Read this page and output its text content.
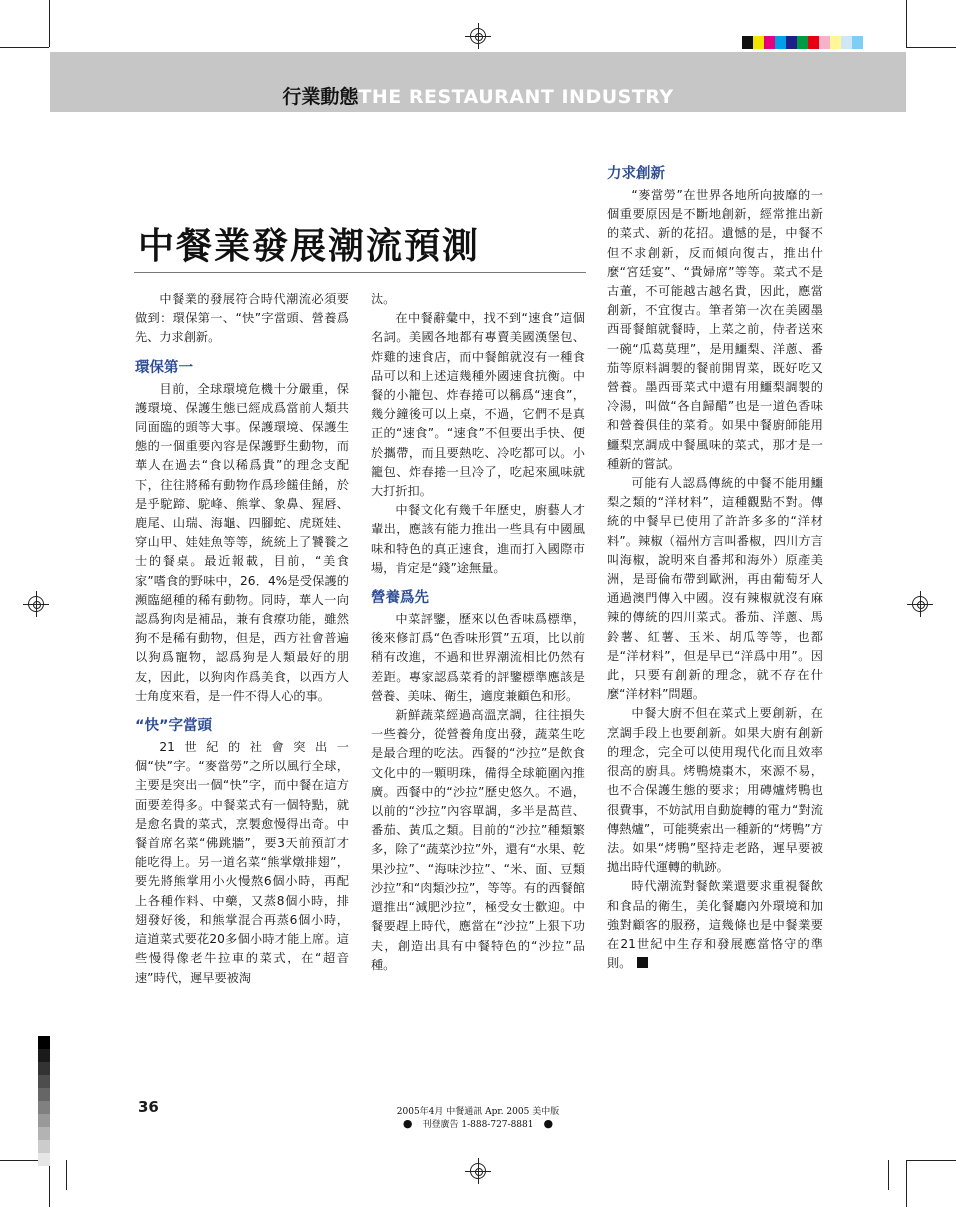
行業動態THE RESTAURANT INDUSTRY
中餐業發展潮流預測

中餐業的發展符合時代潮流必須要做到：環保第一、“快”字當頭、營養爲先、力求創新。

環保第一

目前，全球環境危機十分嚴重，保護環境、保護生態已經成爲當前人類共同面臨的頭等大事。保護環境、保護生態的一個重要內容是保護野生動物，而華人在過去“食以稀爲貴”的理念支配下，往往將稀有動物作爲珍饈佳餚，於是乎駝蹄、駝峰、熊掌、象鼻、猩唇、鹿尾、山瑞、海龜、四腳蛇、虎斑娃、穿山甲、娃娃魚等等，統統上了饕餮之士的餐桌。最近報載，目前，“美食家”嗜食的野味中，26．4%是受保護的瀕臨絕種的稀有動物。同時，華人一向認爲狗肉是補品，兼有食療功能，雖然狗不是稀有動物，但是，西方社會普遍以狗爲寵物，認爲狗是人類最好的朋友，因此，以狗肉作爲美食，以西方人士角度來看，是一件不得人心的事。

“快”字當頭

21世紀的社會突出一個“快”字。“麥當勞”之所以風行全球，主要是突出一個“快”字，而中餐在這方面要差得多。中餐菜式有一個特點，就是愈名貴的菜式，烹製愈慢得出奇。中餐首席名菜“佛跳牆”，要3天前預訂才能吃得上。另一道名菜“熊掌燉排翅”，要先將熊掌用小火慢熬6個小時，再配上各種作料、中藥，又蒸8個小時，排翅發好後，和熊掌混合再蒸6個小時，這道菜式要花20多個小時才能上席。這些慢得像老牛拉車的菜式，在“超音速”時代，遲早要被淘

汰。

在中餐辭彙中，找不到“速食”這個名詞。美國各地都有專賣美國漢堡包、炸雞的速食店，而中餐館就沒有一種食品可以和上述這幾種外國速食抗衡。中餐的小籠包、炸春捲可以稱爲“速食”，幾分鐘後可以上桌，不過，它們不是真正的“速食”。“速食”不但要出手快、便於攜帶，而且要熱吃、冷吃都可以。小籠包、炸春捲一旦冷了，吃起來風味就大打折扣。

中餐文化有幾千年歷史，廚藝人才輩出，應該有能力推出一些具有中國風味和特色的真正速食，進而打入國際市場，肯定是“錢”途無量。

營養爲先

中菜評鑒，歷來以色香味爲標準，後來修訂爲“色香味形質”五項，比以前稍有改進，不過和世界潮流相比仍然有差距。專家認爲菜肴的評鑒標準應該是營養、美味、衛生，適度兼顧色和形。

新鮮蔬菜經過高溫烹調，往往損失一些養分，從營養角度出發，蔬菜生吃是最合理的吃法。西餐的“沙拉”是飲食文化中的一顆明珠，備得全球範圍內推廣。西餐中的“沙拉”歷史悠久。不過，以前的“沙拉”內容單調，多半是萵苣、番茄、黃瓜之類。目前的“沙拉”種類繁多，除了“蔬菜沙拉”外，還有“水果、乾果沙拉”、“海味沙拉”、“米、面、豆類沙拉”和“肉類沙拉”，等等。有的西餐館還推出“減肥沙拉”，極受女士歡迎。中餐要趕上時代，應當在“沙拉”上狠下功夫，創造出具有中餐特色的“沙拉”品種。

力求創新

“麥當勞”在世界各地所向披靡的一個重要原因是不斷地創新，經常推出新的菜式、新的花招。遺憾的是，中餐不但不求創新，反而傾向復古，推出什麼“宮廷宴”、“貴婦席”等等。菜式不是古董，不可能越古越名貴，因此，應當創新，不宜復古。筆者第一次在美國墨西哥餐館就餐時，上菜之前，侍者送來一碗“瓜葛莫理”，是用鱷梨、洋蔥、番茄等原料調製的餐前開胃菜，既好吃又營養。墨西哥菜式中還有用鱷梨調製的冷湯，叫做“各自歸醋”也是一道色香味和營養俱佳的菜肴。如果中餐廚師能用鱷梨烹調成中餐風味的菜式，那才是一種新的嘗試。

可能有人認爲傳統的中餐不能用鱷梨之類的“洋材料”，這種觀點不對。傳統的中餐早已使用了許許多多的“洋材料”。辣椒（福州方言叫番椒，四川方言叫海椒，說明來自番邦和海外）原產美洲，是哥倫布帶到歐洲，再由葡萄牙人通過澳門傳入中國。沒有辣椒就沒有麻辣的傳統的四川菜式。番茄、洋蔥、馬鈴薯、紅薯、玉米、胡瓜等等，也都是“洋材料”，但是早已“洋爲中用”。因此，只要有創新的理念，就不存在什麼“洋材料”問題。

中餐大廚不但在菜式上要創新，在烹調手段上也要創新。如果大廚有創新的理念，完全可以使用現代化而且效率很高的廚具。烤鴨燒棗木，來源不易，也不合保護生態的要求；用磚爐烤鴨也很費事，不妨試用自動旋轉的電力“對流傳熱爐”，可能獎索出一種新的“烤鴨”方法。如果“烤鴨”堅持走老路，遲早要被拋出時代運轉的軌跡。

時代潮流對餐飲業還要求重視餐飲和食品的衛生，美化餐廳內外環境和加強對顧客的服務，這幾條也是中餐業要在21世紀中生存和發展應當恪守的準則。

36	2005年4月 中餐通訊 Apr. 2005 美中版
● 刊登廣告 1-888-727-8881 ●
